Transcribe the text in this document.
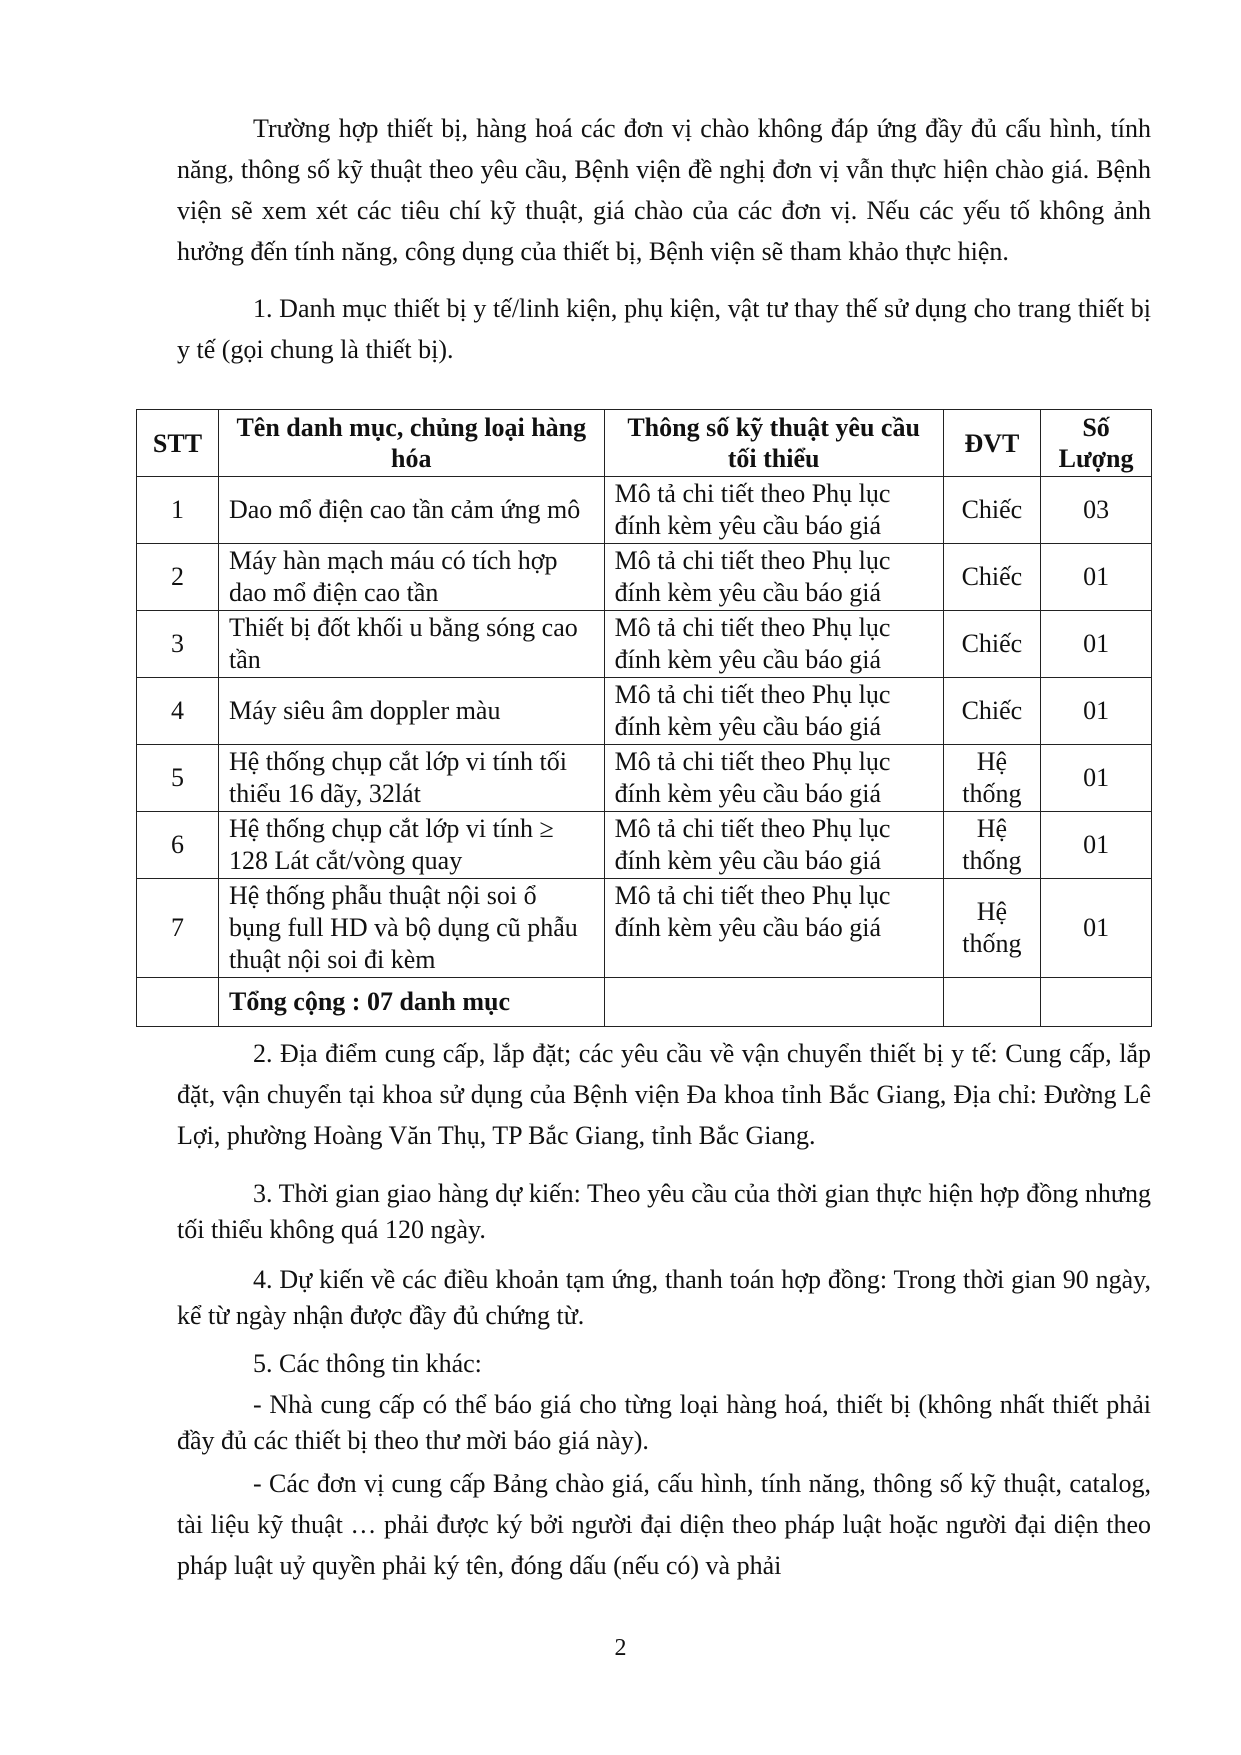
Trường hợp thiết bị, hàng hoá các đơn vị chào không đáp ứng đầy đủ cấu hình, tính năng, thông số kỹ thuật theo yêu cầu, Bệnh viện đề nghị đơn vị vẫn thực hiện chào giá. Bệnh viện sẽ xem xét các tiêu chí kỹ thuật, giá chào của các đơn vị. Nếu các yếu tố không ảnh hưởng đến tính năng, công dụng của thiết bị, Bệnh viện sẽ tham khảo thực hiện.

1. Danh mục thiết bị y tế/linh kiện, phụ kiện, vật tư thay thế sử dụng cho trang thiết bị y tế (gọi chung là thiết bị).

STT	Tên danh mục, chủng loại hàng hóa	Thông số kỹ thuật yêu cầu tối thiểu	ĐVT	Số Lượng
1	Dao mổ điện cao tần cảm ứng mô	Mô tả chi tiết theo Phụ lục đính kèm yêu cầu báo giá	Chiếc	03
2	Máy hàn mạch máu có tích hợp dao mổ điện cao tần	Mô tả chi tiết theo Phụ lục đính kèm yêu cầu báo giá	Chiếc	01
3	Thiết bị đốt khối u bằng sóng cao tần	Mô tả chi tiết theo Phụ lục đính kèm yêu cầu báo giá	Chiếc	01
4	Máy siêu âm doppler màu	Mô tả chi tiết theo Phụ lục đính kèm yêu cầu báo giá	Chiếc	01
5	Hệ thống chụp cắt lớp vi tính tối thiểu 16 dãy, 32lát	Mô tả chi tiết theo Phụ lục đính kèm yêu cầu báo giá	Hệ thống	01
6	Hệ thống chụp cắt lớp vi tính ≥ 128 Lát cắt/vòng quay	Mô tả chi tiết theo Phụ lục đính kèm yêu cầu báo giá	Hệ thống	01
7	Hệ thống phẫu thuật nội soi ổ bụng full HD và bộ dụng cũ phẫu thuật nội soi đi kèm	Mô tả chi tiết theo Phụ lục đính kèm yêu cầu báo giá	Hệ thống	01
	Tổng cộng : 07 danh mục			

2. Địa điểm cung cấp, lắp đặt; các yêu cầu về vận chuyển thiết bị y tế: Cung cấp, lắp đặt, vận chuyển tại khoa sử dụng của Bệnh viện Đa khoa tỉnh Bắc Giang, Địa chỉ: Đường Lê Lợi, phường Hoàng Văn Thụ, TP Bắc Giang, tỉnh Bắc Giang.

3. Thời gian giao hàng dự kiến: Theo yêu cầu của thời gian thực hiện hợp đồng nhưng tối thiểu không quá 120 ngày.

4. Dự kiến về các điều khoản tạm ứng, thanh toán hợp đồng: Trong thời gian 90 ngày, kể từ ngày nhận được đầy đủ chứng từ.

5. Các thông tin khác:

- Nhà cung cấp có thể báo giá cho từng loại hàng hoá, thiết bị (không nhất thiết phải đầy đủ các thiết bị theo thư mời báo giá này).

- Các đơn vị cung cấp Bảng chào giá, cấu hình, tính năng, thông số kỹ thuật, catalog, tài liệu kỹ thuật … phải được ký bởi người đại diện theo pháp luật hoặc người đại diện theo pháp luật uỷ quyền phải ký tên, đóng dấu (nếu có) và phải

2
